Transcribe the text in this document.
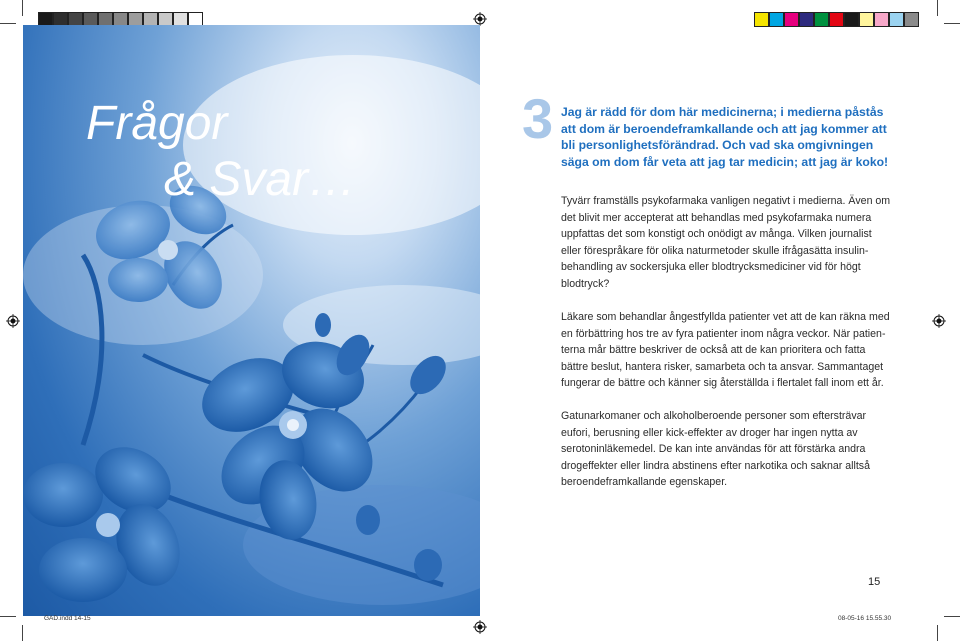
Frågor
& Svar…
3 Jag är rädd för dom här medicinerna; i medierna påstås att dom är beroendeframkallande och att jag kommer att bli personlighetsförändrad. Och vad ska omgivningen säga om dom får veta att jag tar medicin; att jag är koko!
Tyvärr framställs psykofarmaka vanligen negativt i medierna. Även om det blivit mer accepterat att behandlas med psykofarmaka numera uppfattas det som konstigt och onödigt av många. Vilken journalist eller förespråkare för olika naturmetoder skulle ifrågasätta insulinbehandling av sockersjuka eller blodtrycksmediciner vid för högt blodtryck?
Läkare som behandlar ångestfyllda patienter vet att de kan räkna med en förbättring hos tre av fyra patienter inom några veckor. När patienterna mår bättre beskriver de också att de kan prioritera och fatta bättre beslut, hantera risker, samarbeta och ta ansvar. Sammantaget fungerar de bättre och känner sig återställda i flertalet fall inom ett år.
Gatunarkomaner och alkoholberoende personer som eftersträvar eufori, berusning eller kick-effekter av droger har ingen nytta av serotoninläkemedel. De kan inte användas för att förstärka andra drogeffekter eller lindra abstinens efter narkotika och saknar alltså beroendeframkallande egenskaper.
15
GAD.indd 14-15	08-05-16 15.55.30
